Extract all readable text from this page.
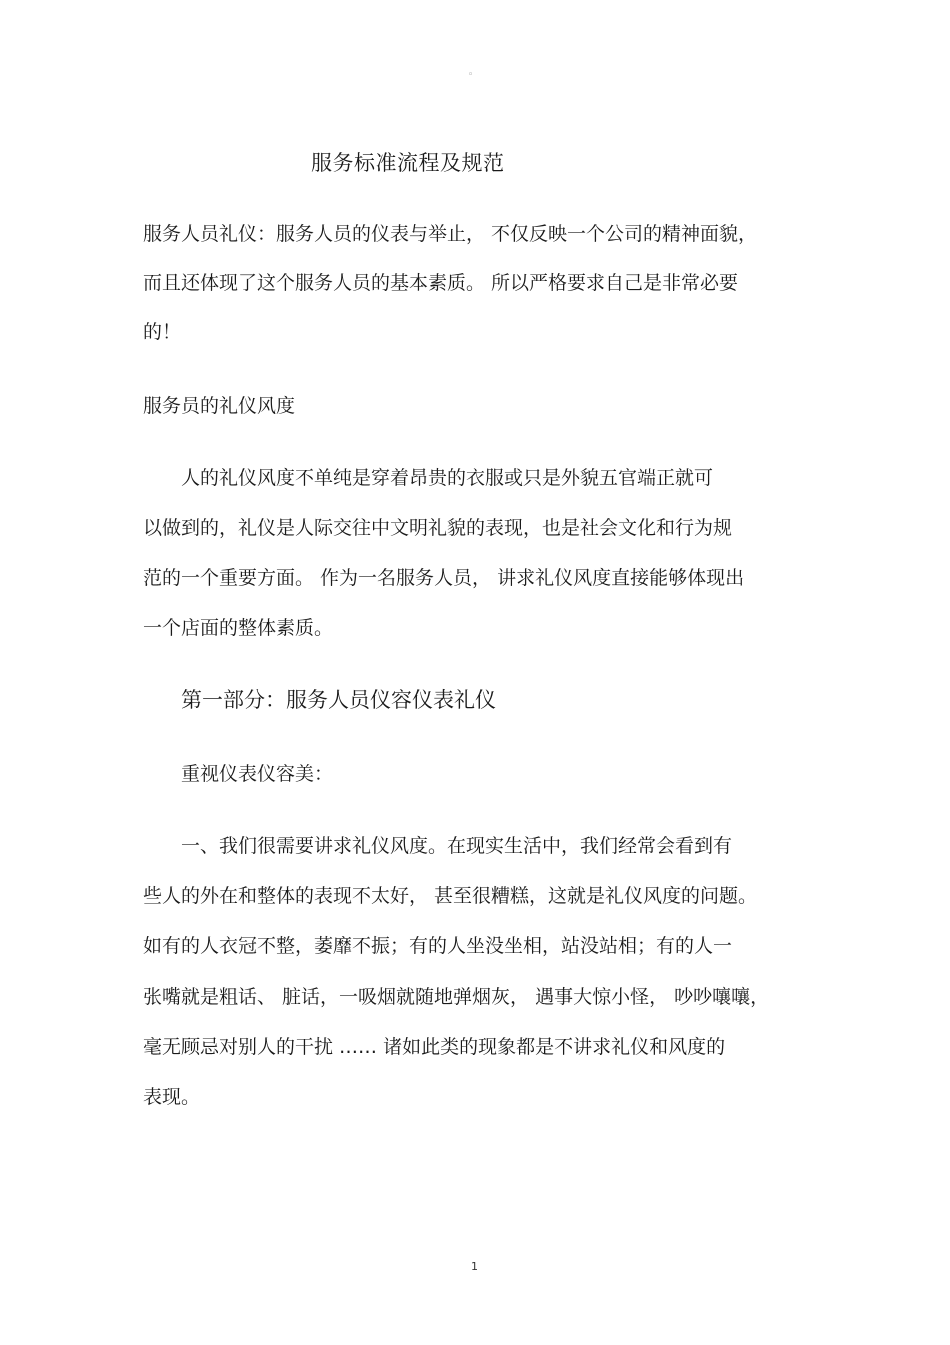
◦
服务标准流程及规范
服务人员礼仪：服务人员的仪表与举止， 不仅反映一个公司的精神面貌，
而且还体现了这个服务人员的基本素质。 所以严格要求自己是非常必要
的！
服务员的礼仪风度
人的礼仪风度不单纯是穿着昂贵的衣服或只是外貌五官端正就可
以做到的，礼仪是人际交往中文明礼貌的表现，也是社会文化和行为规
范的一个重要方面。 作为一名服务人员， 讲求礼仪风度直接能够体现出
一个店面的整体素质。
第一部分：服务人员仪容仪表礼仪
重视仪表仪容美：
一、我们很需要讲求礼仪风度。在现实生活中，我们经常会看到有
些人的外在和整体的表现不太好， 甚至很糟糕，这就是礼仪风度的问题。
如有的人衣冠不整，萎靡不振；有的人坐没坐相，站没站相；有的人一
张嘴就是粗话、 脏话，一吸烟就随地弹烟灰， 遇事大惊小怪， 吵吵嚷嚷，
毫无顾忌对别人的干扰 …… 诸如此类的现象都是不讲求礼仪和风度的
表现。
1
